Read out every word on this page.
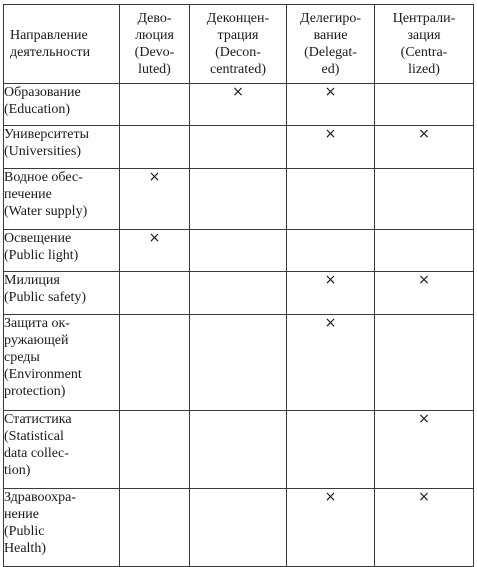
Направление
деятельности	Дево-
люция
(Devo-
luted)	Деконцен-
трация
(Decon-
centrated)	Делегиро-
вание
(Delegat-
ed)	Централи-
зация
(Centra-
lized)

Образование
(Education)		×	×	

Университеты
(Universities)			×	×

Водное обес-
печение
(Water supply)	×			

Освещение
(Public light)	×			

Милиция
(Public safety)			×	×

Защита ок-
ружающей
среды
(Environment
protection)			×	

Статистика
(Statistical
data collec-
tion)				×

Здравоохра-
нение
(Public
Health)			×	×
